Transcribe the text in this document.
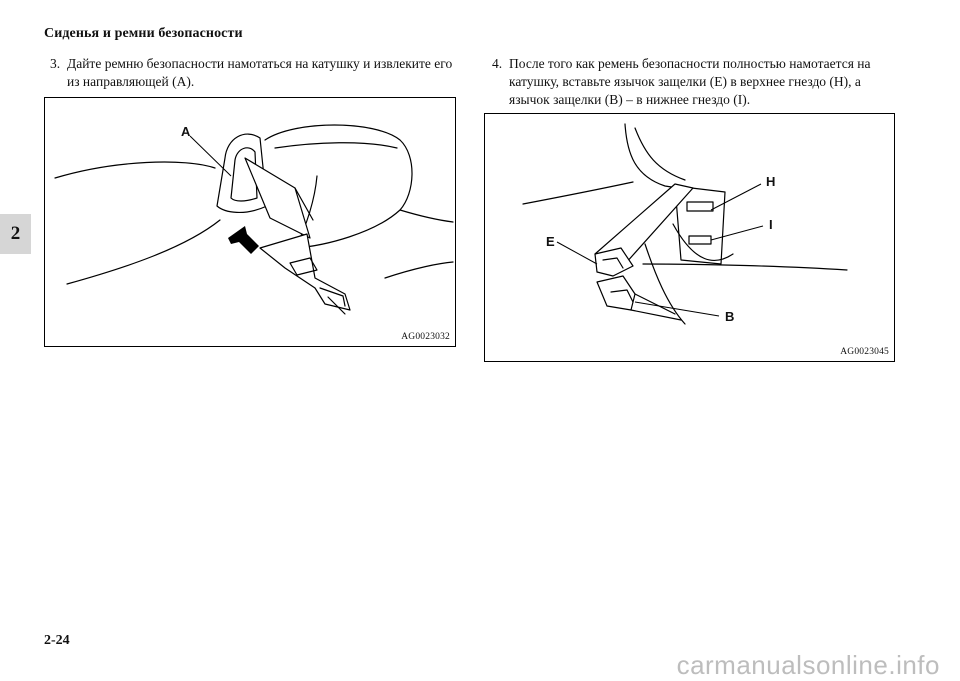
Сиденья и ремни безопасности
2
3. Дайте ремню безопасности намотаться на катушку и извлеките его из направляющей (A).
4. После того как ремень безопасности полностью намотается на катушку, вставьте язычок защелки (E) в верхнее гнездо (H), а язычок защелки (B) – в нижнее гнездо (I).
A
AG0023032
H
I
E
B
AG0023045
2-24
carmanualsonline.info
